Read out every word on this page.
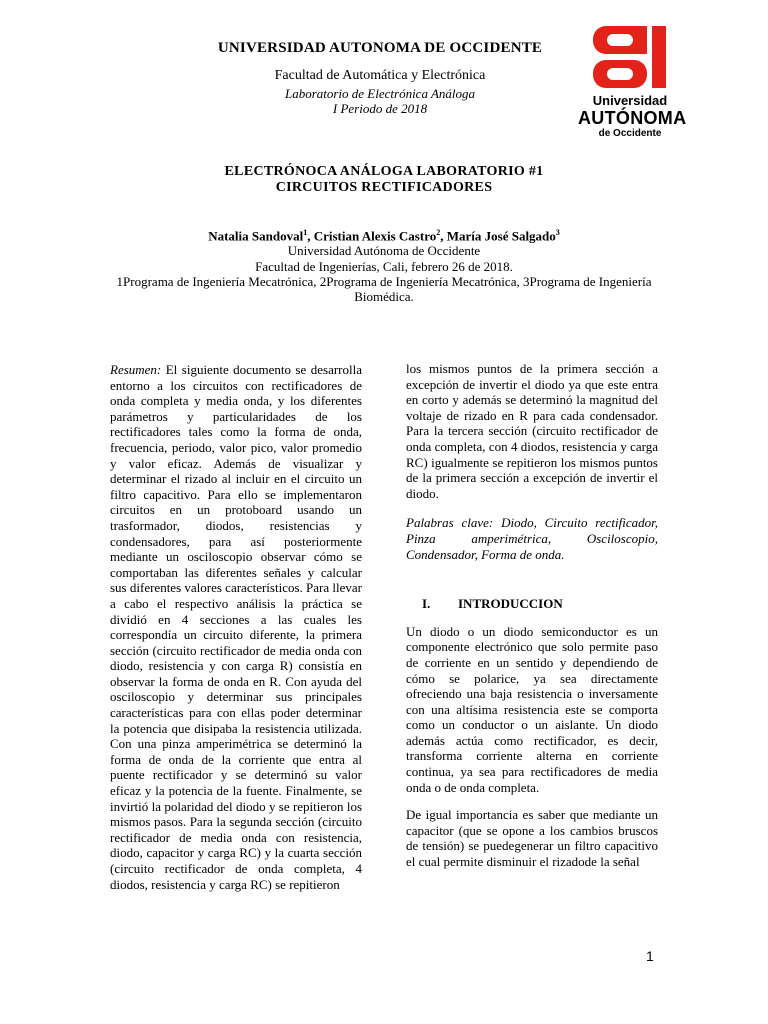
UNIVERSIDAD AUTONOMA DE OCCIDENTE
Facultad de Automática y Electrónica
Laboratorio de Electrónica Análoga
I Periodo de 2018
Universidad
AUTÓNOMA
de Occidente
ELECTRÓNOCA ANÁLOGA LABORATORIO #1
CIRCUITOS RECTIFICADORES
Natalia Sandoval$^1$, Cristian Alexis Castro$^2$, María José Salgado$^3$
Universidad Autónoma de Occidente
Facultad de Ingenierías, Cali, febrero 26 de 2018.
1Programa de Ingeniería Mecatrónica, 2Programa de Ingeniería Mecatrónica, 3Programa de Ingeniería Biomédica.

Resumen: El siguiente documento se desarrolla entorno a los circuitos con rectificadores de onda completa y media onda, y los diferentes parámetros y particularidades de los rectificadores tales como la forma de onda, frecuencia, periodo, valor pico, valor promedio y valor eficaz. Además de visualizar y determinar el rizado al incluir en el circuito un filtro capacitivo. Para ello se implementaron circuitos en un protoboard usando un trasformador, diodos, resistencias y condensadores, para así posteriormente mediante un osciloscopio observar cómo se comportaban las diferentes señales y calcular sus diferentes valores característicos. Para llevar a cabo el respectivo análisis la práctica se dividió en 4 secciones a las cuales les correspondía un circuito diferente, la primera sección (circuito rectificador de media onda con diodo, resistencia y con carga R) consistía en observar la forma de onda en R. Con ayuda del osciloscopio y determinar sus principales características para con ellas poder determinar la potencia que disipaba la resistencia utilizada. Con una pinza amperimétrica se determinó la forma de onda de la corriente que entra al puente rectificador y se determinó su valor eficaz y la potencia de la fuente. Finalmente, se invirtió la polaridad del diodo y se repitieron los mismos pasos. Para la segunda sección (circuito rectificador de media onda con resistencia, diodo, capacitor y carga RC) y la cuarta sección (circuito rectificador de onda completa, 4 diodos, resistencia y carga RC) se repitieron

los mismos puntos de la primera sección a excepción de invertir el diodo ya que este entra en corto y además se determinó la magnitud del voltaje de rizado en R para cada condensador. Para la tercera sección (circuito rectificador de onda completa, con 4 diodos, resistencia y carga RC) igualmente se repitieron los mismos puntos de la primera sección a excepción de invertir el diodo.

Palabras clave: Diodo, Circuito rectificador, Pinza amperimétrica, Osciloscopio, Condensador, Forma de onda.

I.	INTRODUCCION

Un diodo o un diodo semiconductor es un componente electrónico que solo permite paso de corriente en un sentido y dependiendo de cómo se polarice, ya sea directamente ofreciendo una baja resistencia o inversamente con una altísima resistencia este se comporta como un conductor o un aislante. Un diodo además actúa como rectificador, es decir, transforma corriente alterna en corriente continua, ya sea para rectificadores de media onda o de onda completa.

De igual importancia es saber que mediante un capacitor (que se opone a los cambios bruscos de tensión) se puedegenerar un filtro capacitivo el cual permite disminuir el rizadode la señal

1
